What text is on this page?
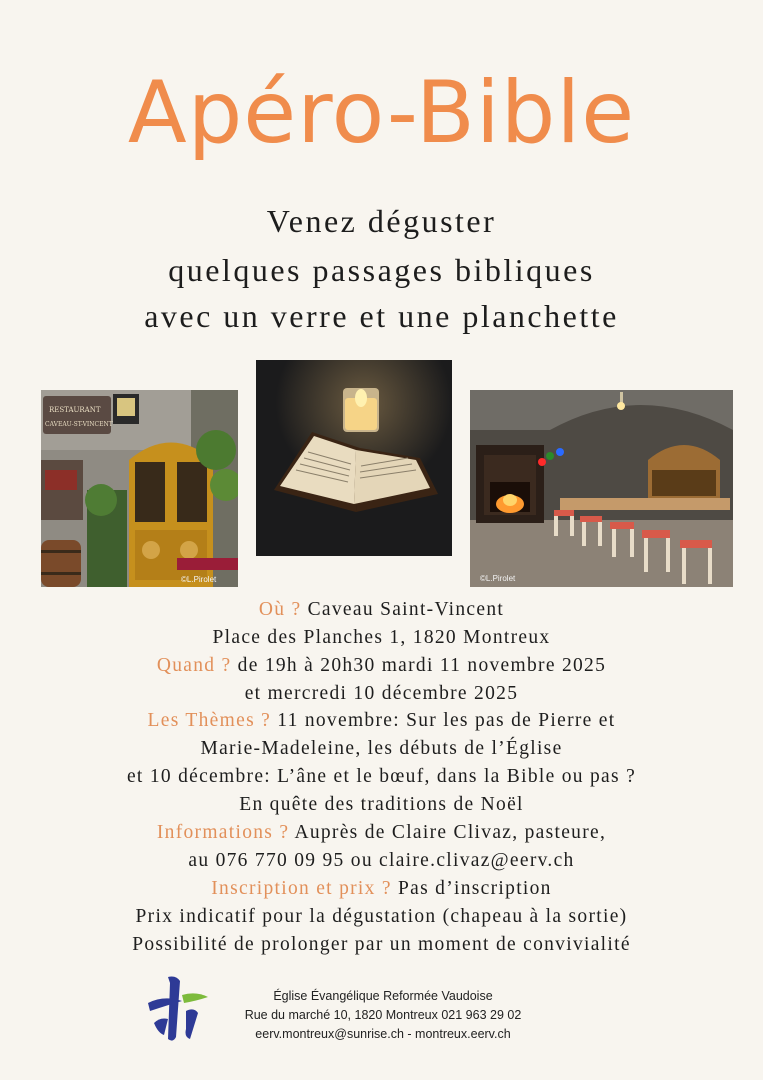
Apéro-Bible
Venez déguster
quelques passages bibliques
avec un verre et une planchette
RESTAURANT
CAVEAU-ST-VINCENT
©L.Pirolet	©L.Pirolet
Où ? Caveau Saint-Vincent
Place des Planches 1, 1820 Montreux
Quand ? de 19h à 20h30 mardi 11 novembre 2025
et mercredi 10 décembre 2025
Les Thèmes ? 11 novembre: Sur les pas de Pierre et
Marie-Madeleine, les débuts de l’Église
et 10 décembre: L’âne et le bœuf, dans la Bible ou pas ?
En quête des traditions de Noël
Informations ? Auprès de Claire Clivaz, pasteure,
au 076 770 09 95 ou claire.clivaz@eerv.ch
Inscription et prix ? Pas d’inscription
Prix indicatif pour la dégustation (chapeau à la sortie)
Possibilité de prolonger par un moment de convivialité
Église Évangélique Reformée Vaudoise
Rue du marché 10, 1820 Montreux 021 963 29 02
eerv.montreux@sunrise.ch - montreux.eerv.ch
